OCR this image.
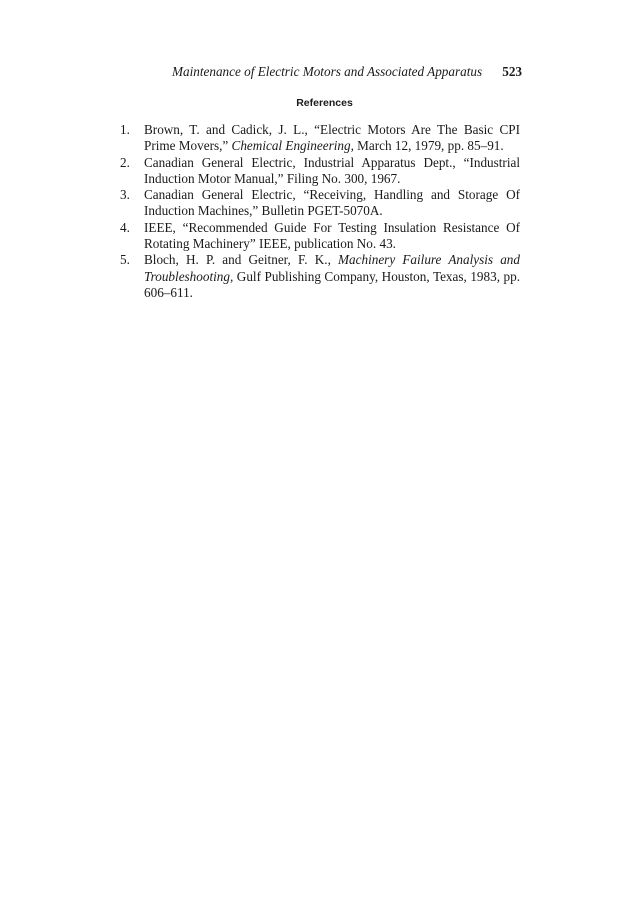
Maintenance of Electric Motors and Associated Apparatus 523
References
1.	Brown, T. and Cadick, J. L., “Electric Motors Are The Basic CPI Prime Movers,” Chemical Engineering, March 12, 1979, pp. 85–91.
2.	Canadian General Electric, Industrial Apparatus Dept., “Industrial Induction Motor Manual,” Filing No. 300, 1967.
3.	Canadian General Electric, “Receiving, Handling and Storage Of Induction Machines,” Bulletin PGET-5070A.
4.	IEEE, “Recommended Guide For Testing Insulation Resistance Of Rotating Machinery” IEEE, publication No. 43.
5.	Bloch, H. P. and Geitner, F. K., Machinery Failure Analysis and Troubleshooting, Gulf Publishing Company, Houston, Texas, 1983, pp. 606–611.
